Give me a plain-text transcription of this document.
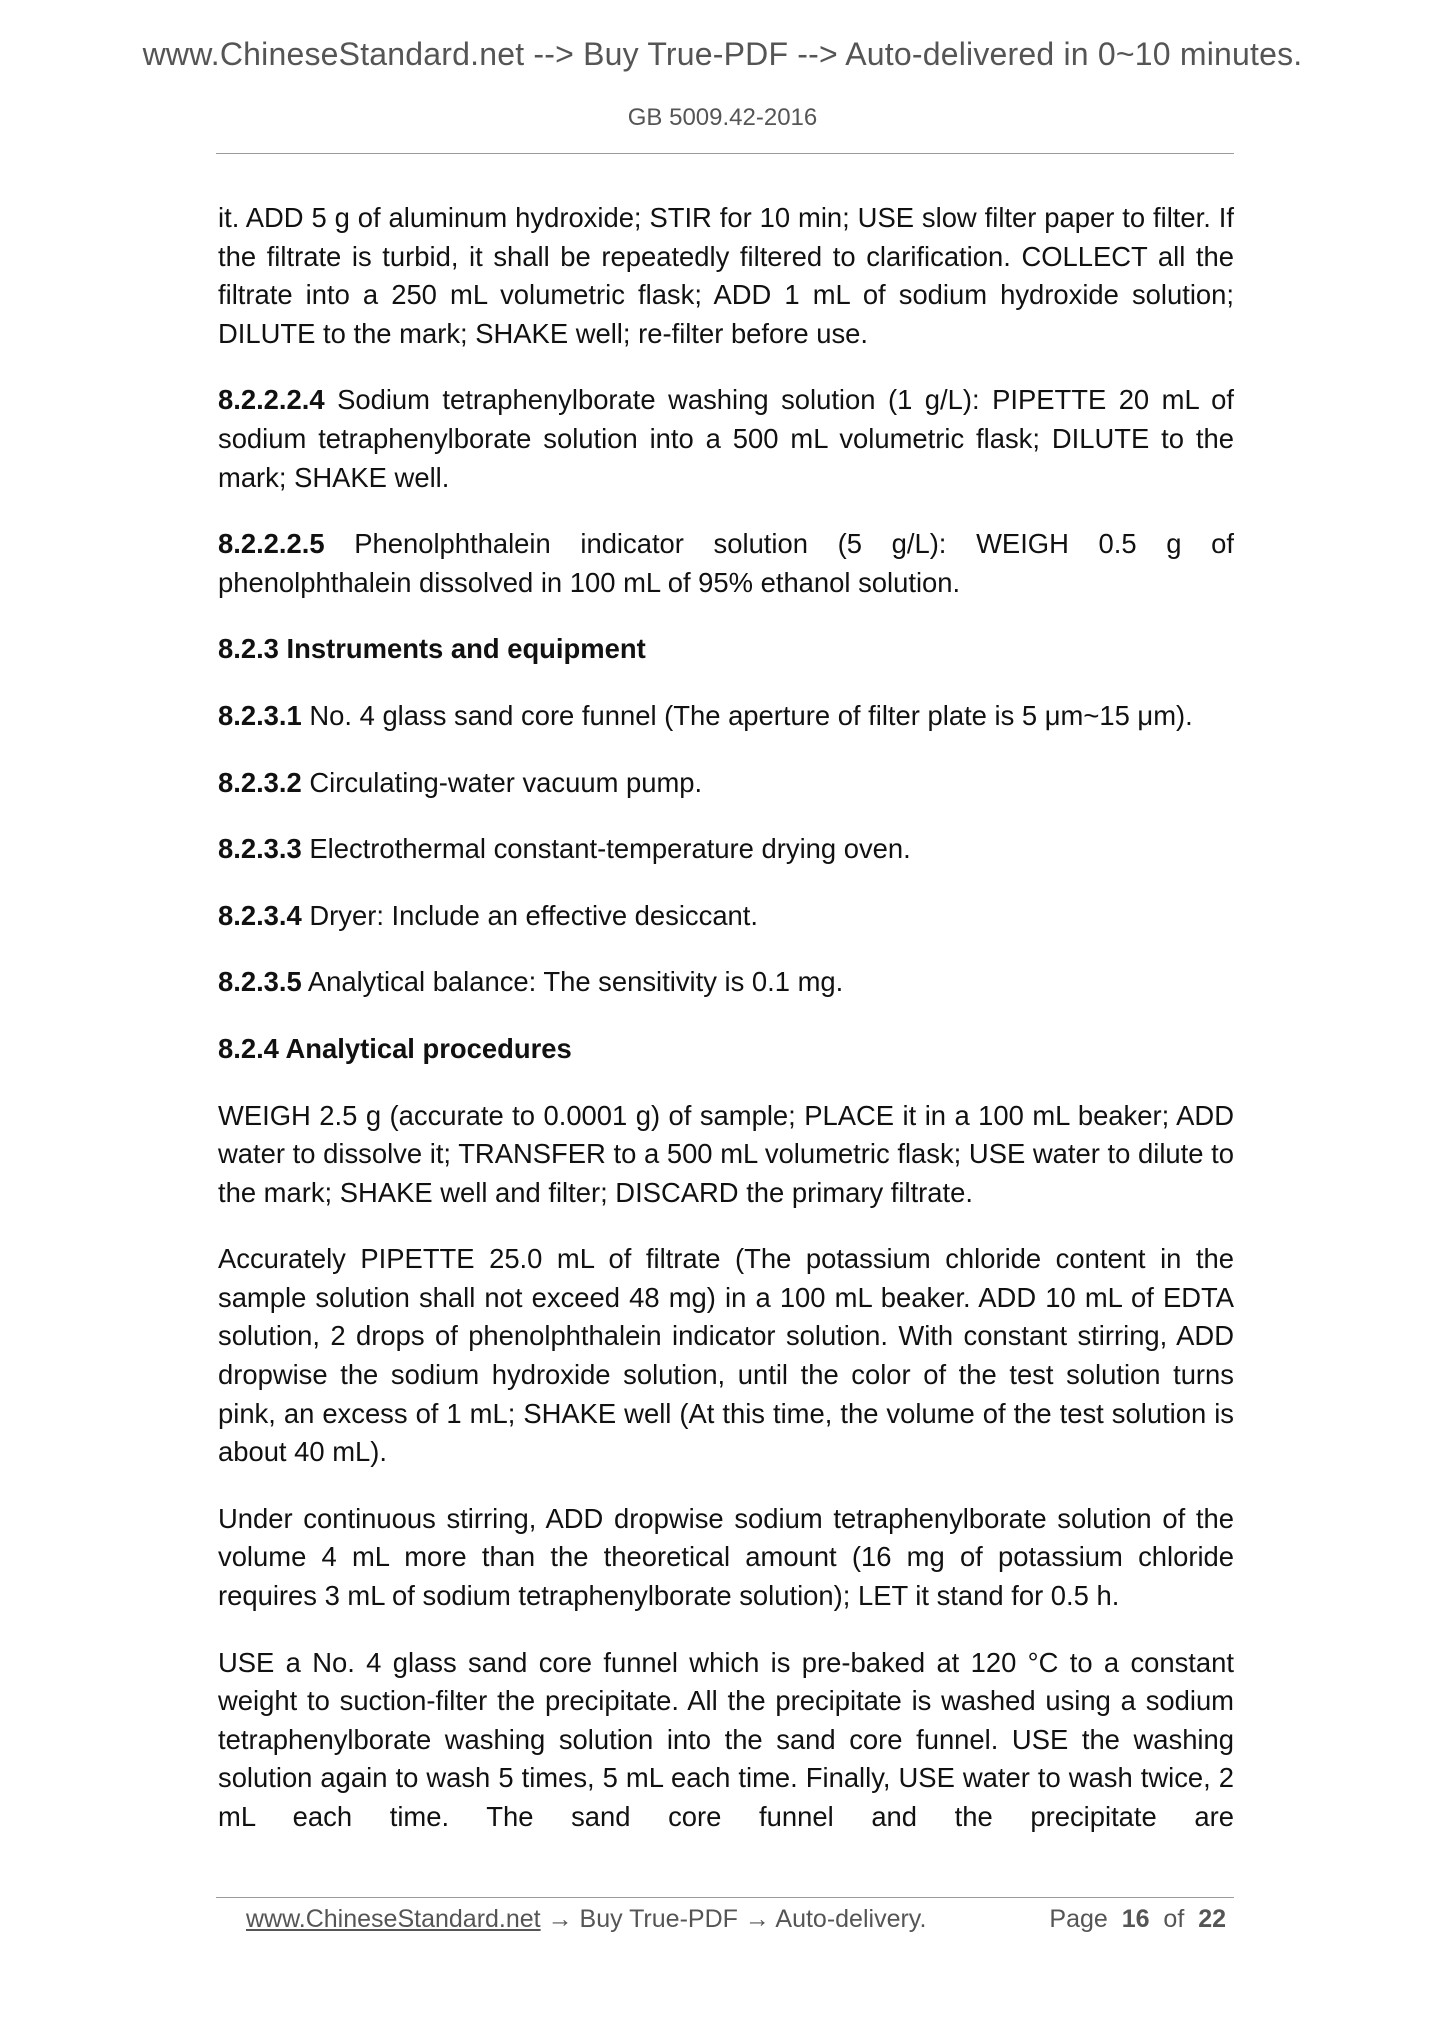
www.ChineseStandard.net --> Buy True-PDF --> Auto-delivered in 0~10 minutes.
GB 5009.42-2016

it. ADD 5 g of aluminum hydroxide; STIR for 10 min; USE slow filter paper to filter. If the filtrate is turbid, it shall be repeatedly filtered to clarification. COLLECT all the filtrate into a 250 mL volumetric flask; ADD 1 mL of sodium hydroxide solution; DILUTE to the mark; SHAKE well; re-filter before use.

8.2.2.2.4 Sodium tetraphenylborate washing solution (1 g/L): PIPETTE 20 mL of sodium tetraphenylborate solution into a 500 mL volumetric flask; DILUTE to the mark; SHAKE well.

8.2.2.2.5 Phenolphthalein indicator solution (5 g/L): WEIGH 0.5 g of phenolphthalein dissolved in 100 mL of 95% ethanol solution.

8.2.3 Instruments and equipment

8.2.3.1 No. 4 glass sand core funnel (The aperture of filter plate is 5 μm~15 μm).

8.2.3.2 Circulating-water vacuum pump.

8.2.3.3 Electrothermal constant-temperature drying oven.

8.2.3.4 Dryer: Include an effective desiccant.

8.2.3.5 Analytical balance: The sensitivity is 0.1 mg.

8.2.4 Analytical procedures

WEIGH 2.5 g (accurate to 0.0001 g) of sample; PLACE it in a 100 mL beaker; ADD water to dissolve it; TRANSFER to a 500 mL volumetric flask; USE water to dilute to the mark; SHAKE well and filter; DISCARD the primary filtrate.

Accurately PIPETTE 25.0 mL of filtrate (The potassium chloride content in the sample solution shall not exceed 48 mg) in a 100 mL beaker. ADD 10 mL of EDTA solution, 2 drops of phenolphthalein indicator solution. With constant stirring, ADD dropwise the sodium hydroxide solution, until the color of the test solution turns pink, an excess of 1 mL; SHAKE well (At this time, the volume of the test solution is about 40 mL).

Under continuous stirring, ADD dropwise sodium tetraphenylborate solution of the volume 4 mL more than the theoretical amount (16 mg of potassium chloride requires 3 mL of sodium tetraphenylborate solution); LET it stand for 0.5 h.

USE a No. 4 glass sand core funnel which is pre-baked at 120 °C to a constant weight to suction-filter the precipitate. All the precipitate is washed using a sodium tetraphenylborate washing solution into the sand core funnel. USE the washing solution again to wash 5 times, 5 mL each time. Finally, USE water to wash twice, 2 mL each time. The sand core funnel and the precipitate are

www.ChineseStandard.net → Buy True-PDF → Auto-delivery.	Page 16 of 22
